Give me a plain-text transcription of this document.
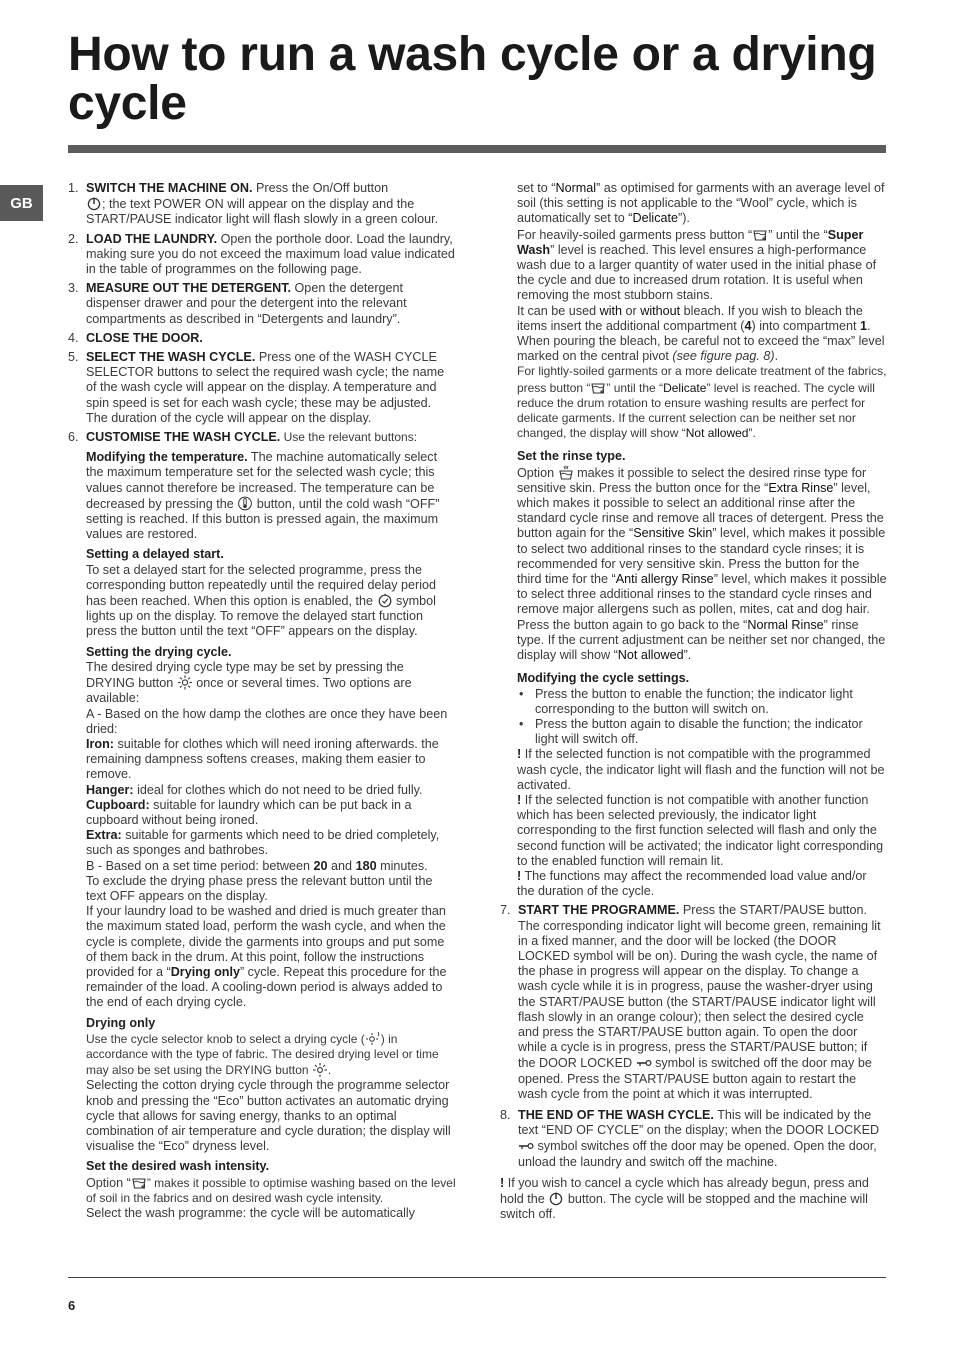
How to run a wash cycle or a drying cycle
GB
1. SWITCH THE MACHINE ON. Press the On/Off button

; the text POWER ON will appear on the display and the START/PAUSE indicator light will flash slowly in a green colour.

2. LOAD THE LAUNDRY. Open the porthole door. Load the laundry, making sure you do not exceed the maximum load value indicated in the table of programmes on the following page.

3. MEASURE OUT THE DETERGENT. Open the detergent dispenser drawer and pour the detergent into the relevant compartments as described in “Detergents and laundry”.

4. CLOSE THE DOOR.

5. SELECT THE WASH CYCLE. Press one of the WASH CYCLE SELECTOR buttons to select the required wash cycle; the name of the wash cycle will appear on the display. A temperature and spin speed is set for each wash cycle; these may be adjusted. The duration of the cycle will appear on the display.

6. CUSTOMISE THE WASH CYCLE. Use the relevant buttons:

Modifying the temperature. The machine automatically select the maximum temperature set for the selected wash cycle; this values cannot therefore be increased. The temperature can be decreased by pressing the
button, until the cold wash “OFF” setting is reached. If this button is pressed again, the maximum values are restored.

Setting a delayed start.

To set a delayed start for the selected programme, press the corresponding button repeatedly until the required delay period has been reached. When this option is enabled, the
symbol lights up on the display. To remove the delayed start function press the button until the text “OFF” appears on the display.

Setting the drying cycle.

The desired drying cycle type may be set by pressing the DRYING button
once or several times. Two options are available:

A - Based on the how damp the clothes are once they have been dried:

Iron: suitable for clothes which will need ironing afterwards. the remaining dampness softens creases, making them easier to remove.

Hanger: ideal for clothes which do not need to be dried fully.

Cupboard: suitable for laundry which can be put back in a cupboard without being ironed.

Extra: suitable for garments which need to be dried completely, such as sponges and bathrobes.

B - Based on a set time period: between 20 and 180 minutes.

To exclude the drying phase press the relevant button until the text OFF appears on the display.

If your laundry load to be washed and dried is much greater than the maximum stated load, perform the wash cycle, and when the cycle is complete, divide the garments into groups and put some of them back in the drum. At this point, follow the instructions provided for a “Drying only” cycle. Repeat this procedure for the remainder of the load. A cooling-down period is always added to the end of each drying cycle.

Drying only

Use the cycle selector knob to select a drying cycle ( ) in accordance with the type of fabric. The desired drying level or time may also be set using the DRYING button
.

Selecting the cotton drying cycle through the programme selector knob and pressing the “Eco” button activates an automatic drying cycle that allows for saving energy, thanks to an optimal combination of air temperature and cycle duration; the display will visualise the “Eco” dryness level.

Set the desired wash intensity.

Option “ ” makes it possible to optimise washing based on the level of soil in the fabrics and on desired wash cycle intensity.

Select the wash programme: the cycle will be automatically

set to “Normal” as optimised for garments with an average level of soil (this setting is not applicable to the “Wool” cycle, which is automatically set to “Delicate”).

For heavily-soiled garments press button “ ” until the “Super Wash” level is reached. This level ensures a high-performance wash due to a larger quantity of water used in the initial phase of the cycle and due to increased drum rotation. It is useful when removing the most stubborn stains.

It can be used with or without bleach. If you wish to bleach the items insert the additional compartment (4) into compartment 1. When pouring the bleach, be careful not to exceed the “max” level marked on the central pivot (see figure pag. 8).

For lightly-soiled garments or a more delicate treatment of the fabrics, press button “ ” until the “Delicate” level is reached. The cycle will reduce the drum rotation to ensure washing results are perfect for delicate garments. If the current selection can be neither set nor changed, the display will show “Not allowed”.

Set the rinse type.

Option
makes it possible to select the desired rinse type for sensitive skin. Press the button once for the “Extra Rinse” level, which makes it possible to select an additional rinse after the standard cycle rinse and remove all traces of detergent. Press the button again for the “Sensitive Skin” level, which makes it possible to select two additional rinses to the standard cycle rinses; it is recommended for very sensitive skin. Press the button for the third time for the “Anti allergy Rinse” level, which makes it possible to select three additional rinses to the standard cycle rinses and remove major allergens such as pollen, mites, cat and dog hair. Press the button again to go back to the “Normal Rinse” rinse type. If the current adjustment can be neither set nor changed, the display will show “Not allowed”.

Modifying the cycle settings.

• Press the button to enable the function; the indicator light corresponding to the button will switch on.
• Press the button again to disable the function; the indicator light will switch off.

! If the selected function is not compatible with the programmed wash cycle, the indicator light will flash and the function will not be activated.

! If the selected function is not compatible with another function which has been selected previously, the indicator light corresponding to the first function selected will flash and only the second function will be activated; the indicator light corresponding to the enabled function will remain lit.

! The functions may affect the recommended load value and/or the duration of the cycle.

7. START THE PROGRAMME. Press the START/PAUSE button. The corresponding indicator light will become green, remaining lit in a fixed manner, and the door will be locked (the DOOR LOCKED symbol will be on). During the wash cycle, the name of the phase in progress will appear on the display. To change a wash cycle while it is in progress, pause the washer-dryer using the START/PAUSE button (the START/PAUSE indicator light will flash slowly in an orange colour); then select the desired cycle and press the START/PAUSE button again. To open the door while a cycle is in progress, press the START/PAUSE button; if the DOOR LOCKED
symbol is switched off the door may be opened. Press the START/PAUSE button again to restart the wash cycle from the point at which it was interrupted.

8. THE END OF THE WASH CYCLE. This will be indicated by the text “END OF CYCLE” on the display; when the DOOR LOCKED
symbol switches off the door may be opened. Open the door, unload the laundry and switch off the machine.

! If you wish to cancel a cycle which has already begun, press and hold the
button. The cycle will be stopped and the machine will switch off.

6
